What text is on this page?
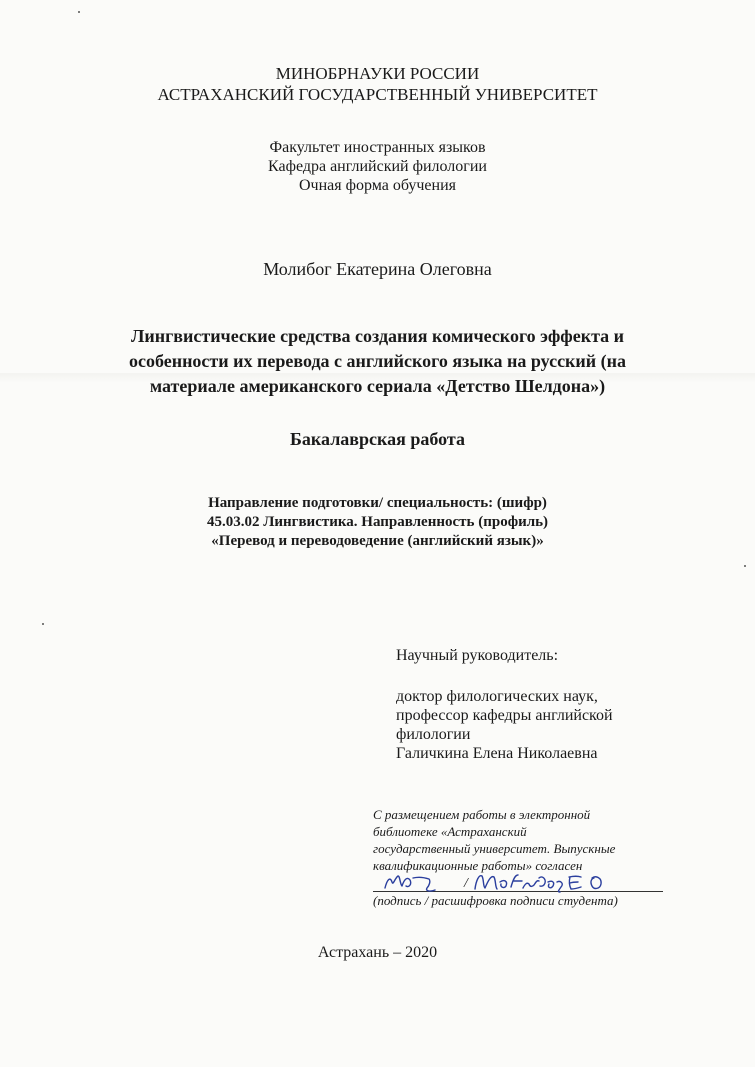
МИНОБРНАУКИ РОССИИ
АСТРАХАНСКИЙ ГОСУДАРСТВЕННЫЙ УНИВЕРСИТЕТ
Факультет иностранных языков
Кафедра английский филологии
Очная форма обучения
Молибог Екатерина Олеговна
Лингвистические средства создания комического эффекта и
особенности их перевода с английского языка на русский (на
материале американского сериала «Детство Шелдона»)
Бакалаврская работа
Направление подготовки/ специальность: (шифр)
45.03.02 Лингвистика. Направленность (профиль)
«Перевод и переводоведение (английский язык)»
Научный руководитель:
доктор филологических наук,
профессор кафедры английской
филологии
Галичкина Елена Николаевна
С размещением работы в электронной
библиотеке «Астраханский
государственный университет. Выпускные
квалификационные работы» согласен
/
(подпись / расшифровка подписи студента)
Астрахань – 2020
